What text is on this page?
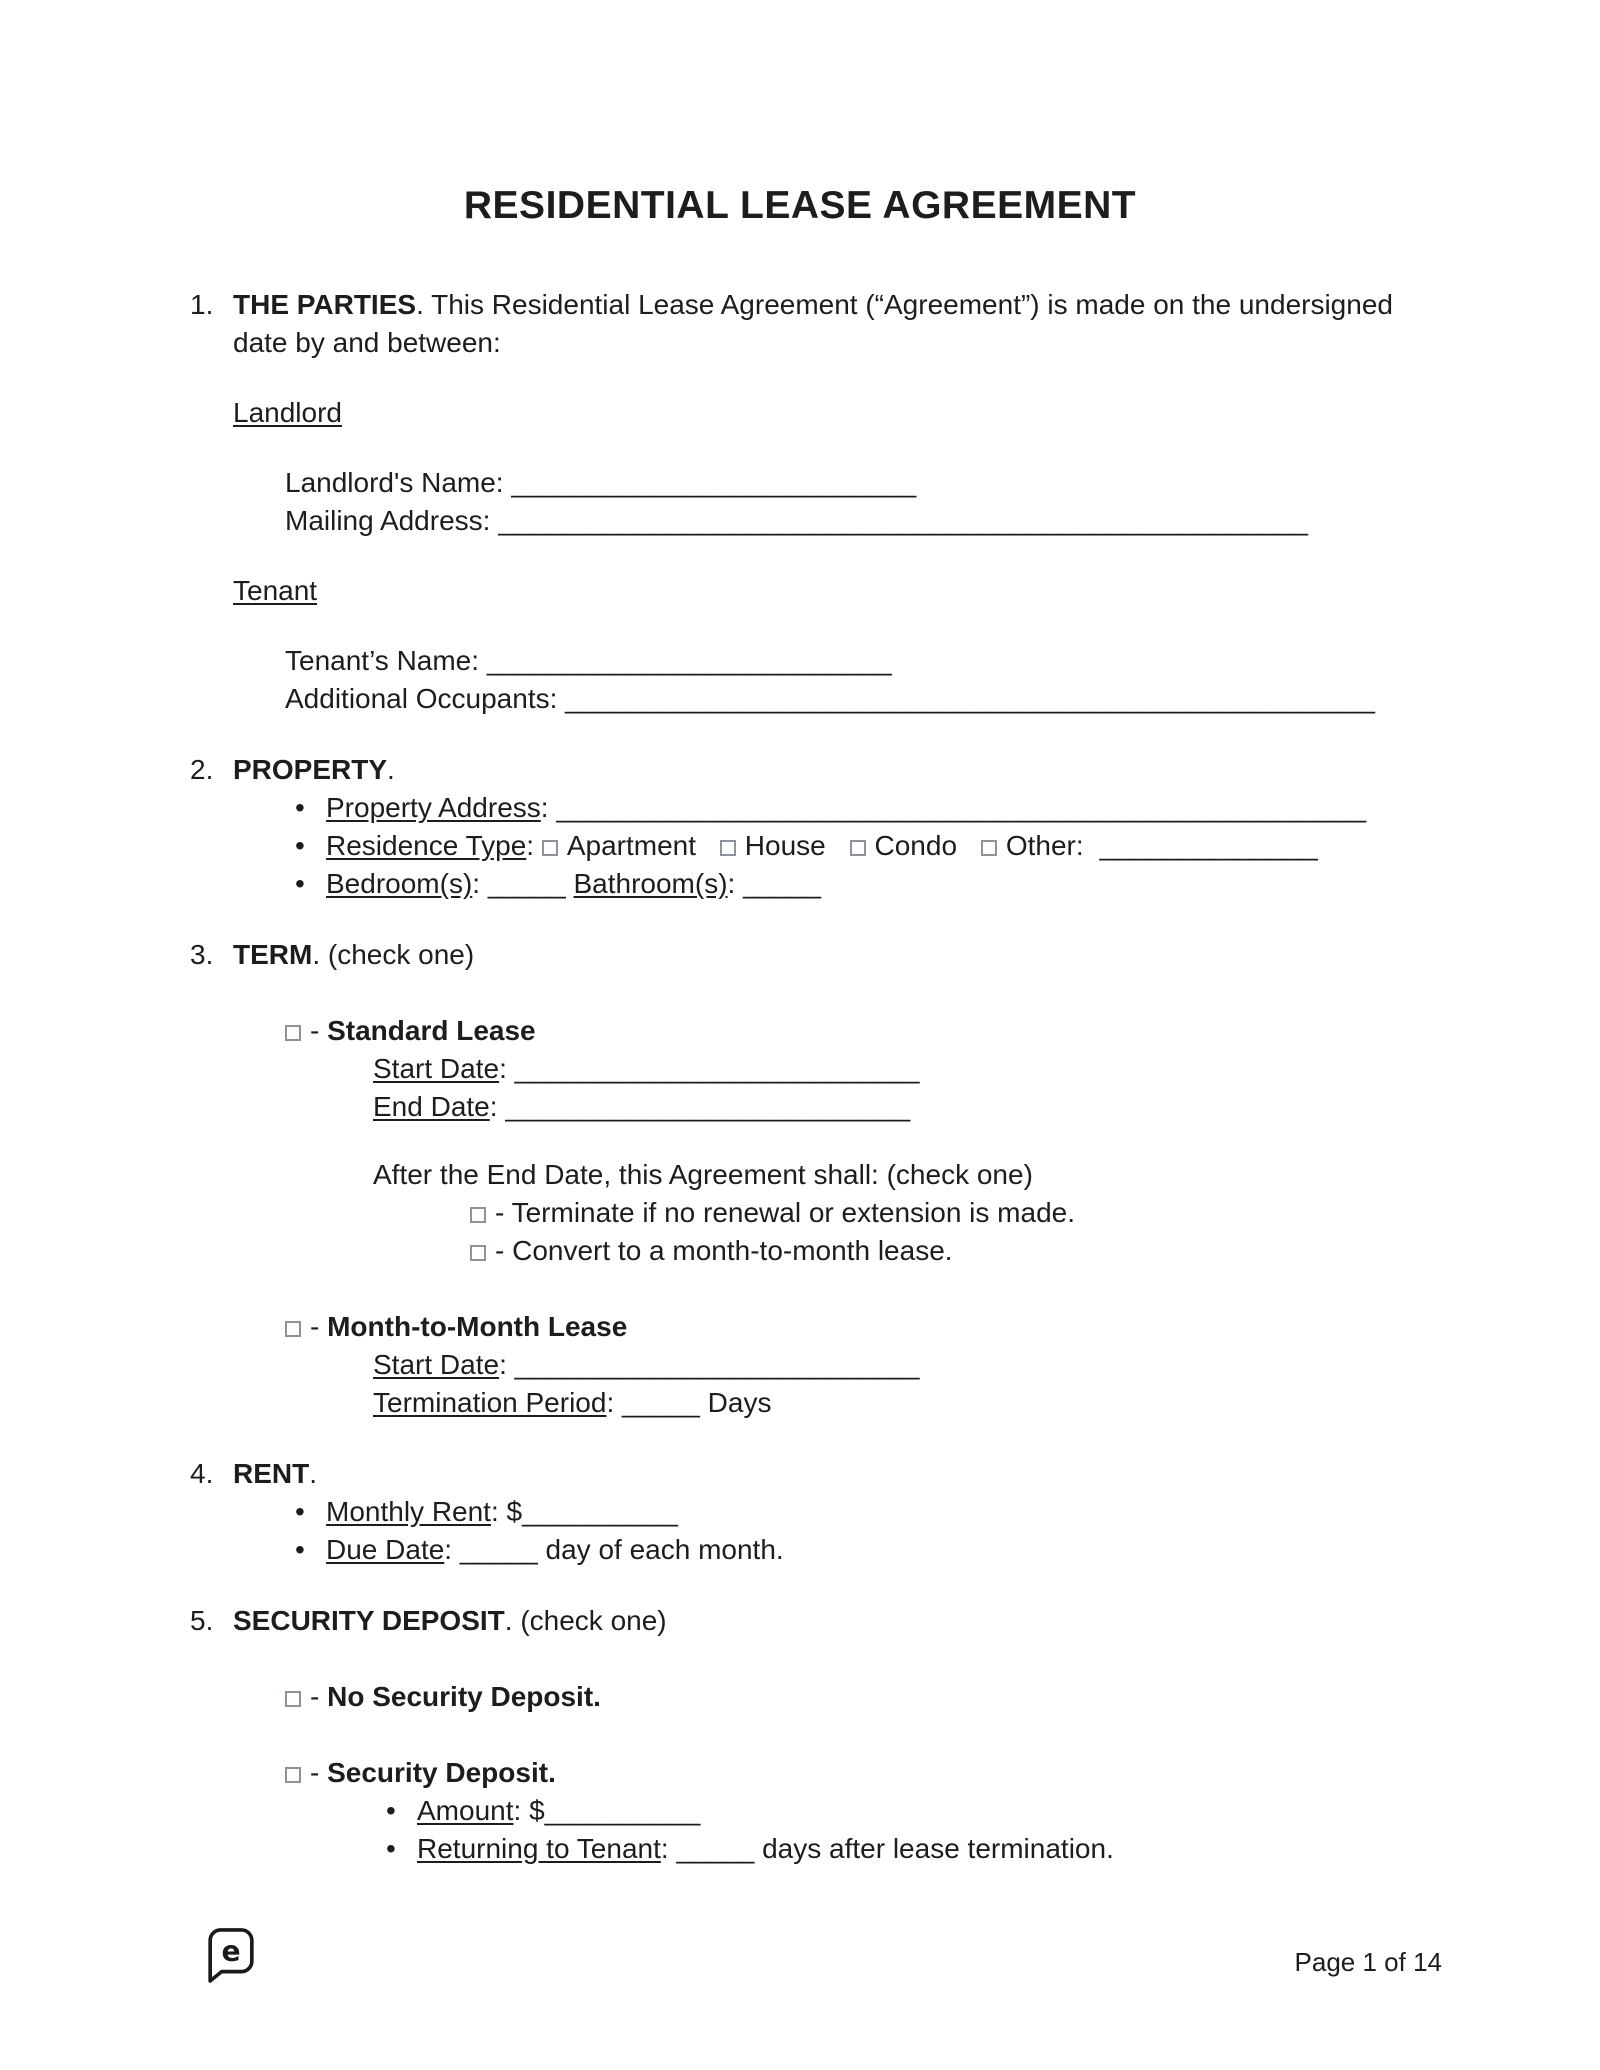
RESIDENTIAL LEASE AGREEMENT
1. THE PARTIES. This Residential Lease Agreement (“Agreement”) is made on the undersigned date by and between:
Landlord
Landlord's Name: __________________________
Mailing Address: ____________________________________________________
Tenant
Tenant’s Name: __________________________
Additional Occupants: ____________________________________________________
2. PROPERTY.
• Property Address: ____________________________________________________
• Residence Type: Apartment House Condo Other: ______________
• Bedroom(s): _____ Bathroom(s): _____
3. TERM. (check one)
- Standard Lease
Start Date: __________________________
End Date: __________________________
After the End Date, this Agreement shall: (check one)
- Terminate if no renewal or extension is made.
- Convert to a month-to-month lease.
- Month-to-Month Lease
Start Date: __________________________
Termination Period: _____ Days
4. RENT.
• Monthly Rent: $__________
• Due Date: _____ day of each month.
5. SECURITY DEPOSIT. (check one)
- No Security Deposit.
- Security Deposit.
• Amount: $__________
• Returning to Tenant: _____ days after lease termination.
e	Page 1 of 14
